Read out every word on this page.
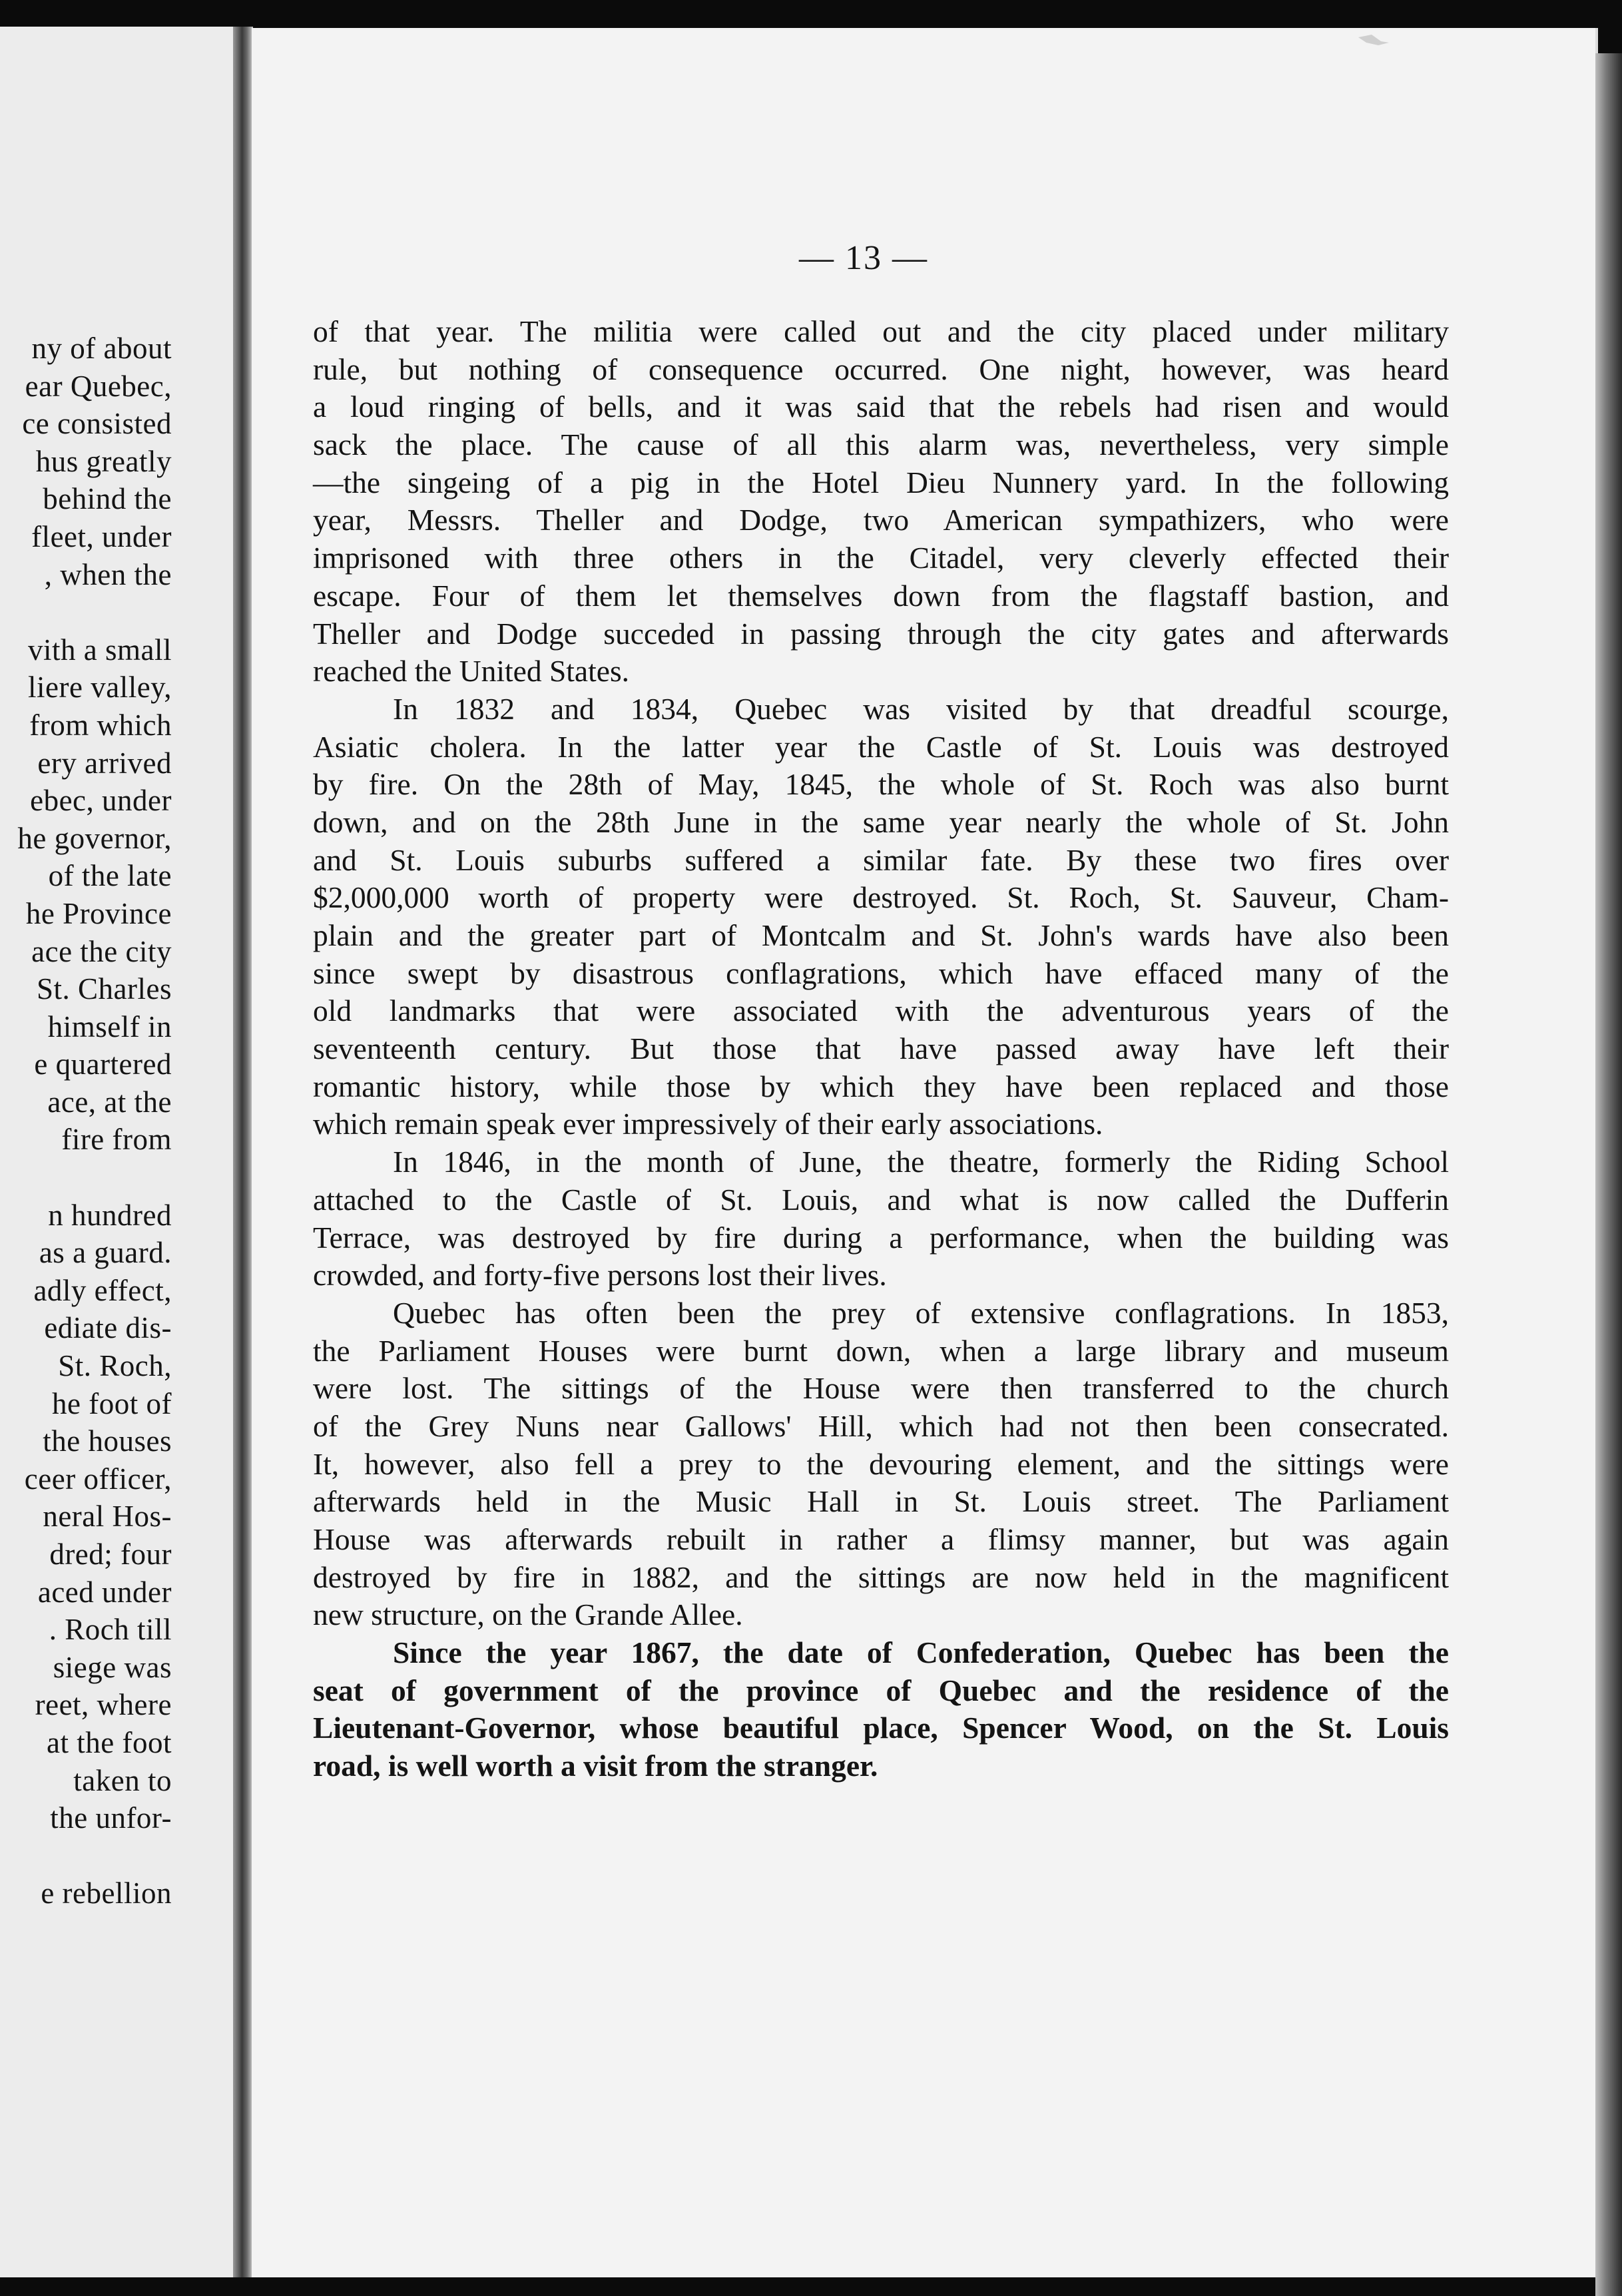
ny of about
ear Quebec,
ce consisted
hus greatly
behind the
fleet, under
, when the

vith a small
liere valley,
from which
ery arrived
ebec, under
he governor,
of the late
he Province
ace the city
St. Charles
himself in
e quartered
ace, at the
fire from

n hundred
as a guard.
adly effect,
ediate dis-
St. Roch,
he foot of
the houses
ceer officer,
neral Hos-
dred; four
aced under
. Roch till
siege was
reet, where
at the foot
taken to
the unfor-

e rebellion
— 13 —
of that year. The militia were called out and the city placed under military
rule, but nothing of consequence occurred. One night, however, was heard
a loud ringing of bells, and it was said that the rebels had risen and would
sack the place. The cause of all this alarm was, nevertheless, very simple
—the singeing of a pig in the Hotel Dieu Nunnery yard. In the following
year, Messrs. Theller and Dodge, two American sympathizers, who were
imprisoned with three others in the Citadel, very cleverly effected their
escape. Four of them let themselves down from the flagstaff bastion, and
Theller and Dodge succeded in passing through the city gates and afterwards
reached the United States.
In 1832 and 1834, Quebec was visited by that dreadful scourge,
Asiatic cholera. In the latter year the Castle of St. Louis was destroyed
by fire. On the 28th of May, 1845, the whole of St. Roch was also burnt
down, and on the 28th June in the same year nearly the whole of St. John
and St. Louis suburbs suffered a similar fate. By these two fires over
$2,000,000 worth of property were destroyed. St. Roch, St. Sauveur, Cham-
plain and the greater part of Montcalm and St. John's wards have also been
since swept by disastrous conflagrations, which have effaced many of the
old landmarks that were associated with the adventurous years of the
seventeenth century. But those that have passed away have left their
romantic history, while those by which they have been replaced and those
which remain speak ever impressively of their early associations.
In 1846, in the month of June, the theatre, formerly the Riding School
attached to the Castle of St. Louis, and what is now called the Dufferin
Terrace, was destroyed by fire during a performance, when the building was
crowded, and forty-five persons lost their lives.
Quebec has often been the prey of extensive conflagrations. In 1853,
the Parliament Houses were burnt down, when a large library and museum
were lost. The sittings of the House were then transferred to the church
of the Grey Nuns near Gallows' Hill, which had not then been consecrated.
It, however, also fell a prey to the devouring element, and the sittings were
afterwards held in the Music Hall in St. Louis street. The Parliament
House was afterwards rebuilt in rather a flimsy manner, but was again
destroyed by fire in 1882, and the sittings are now held in the magnificent
new structure, on the Grande Allee.
Since the year 1867, the date of Confederation, Quebec has been the
seat of government of the province of Quebec and the residence of the
Lieutenant-Governor, whose beautiful place, Spencer Wood, on the St. Louis
road, is well worth a visit from the stranger.
